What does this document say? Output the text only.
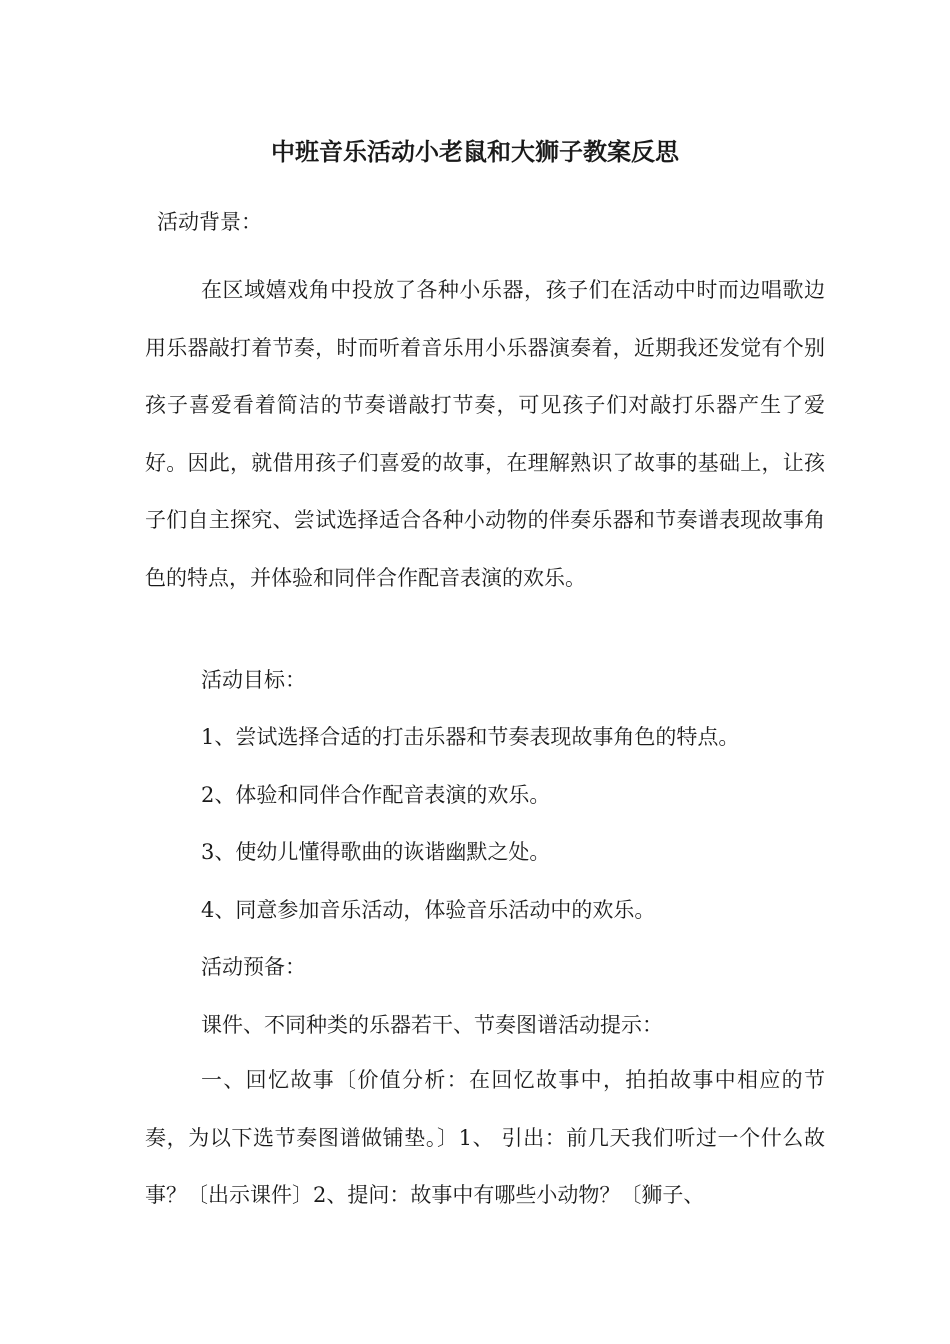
中班音乐活动小老鼠和大狮子教案反思

活动背景：

在区域嬉戏角中投放了各种小乐器，孩子们在活动中时而边唱歌边用乐器敲打着节奏，时而听着音乐用小乐器演奏着，近期我还发觉有个别孩子喜爱看着简洁的节奏谱敲打节奏，可见孩子们对敲打乐器产生了爱好。因此，就借用孩子们喜爱的故事，在理解熟识了故事的基础上，让孩子们自主探究、尝试选择适合各种小动物的伴奏乐器和节奏谱表现故事角色的特点，并体验和同伴合作配音表演的欢乐。

活动目标：

1、尝试选择合适的打击乐器和节奏表现故事角色的特点。

2、体验和同伴合作配音表演的欢乐。

3、使幼儿懂得歌曲的诙谐幽默之处。

4、同意参加音乐活动，体验音乐活动中的欢乐。

活动预备：

课件、不同种类的乐器若干、节奏图谱活动提示：

一、回忆故事〔价值分析：在回忆故事中，拍拍故事中相应的节奏，为以下选节奏图谱做铺垫。〕1、 引出：前几天我们听过一个什么故事？〔出示课件〕2、提问：故事中有哪些小动物？〔狮子、
